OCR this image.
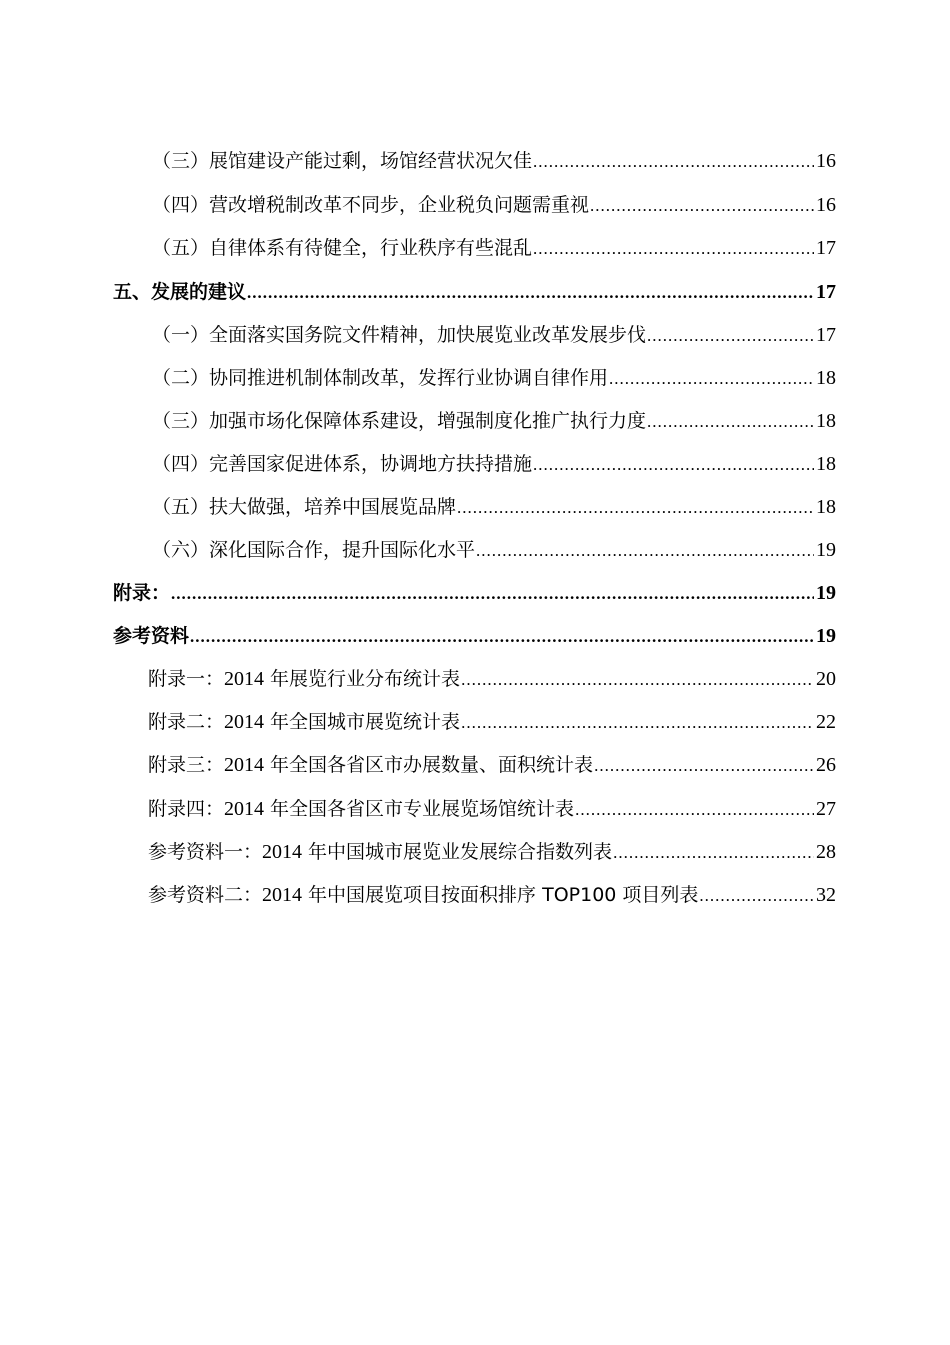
（三）展馆建设产能过剩，场馆经营状况欠佳 .....	16
（四）营改增税制改革不同步，企业税负问题需重视 .....	16
（五）自律体系有待健全，行业秩序有些混乱 .....	17
五、发展的建议 .....	17
（一）全面落实国务院文件精神，加快展览业改革发展步伐 .....	17
（二）协同推进机制体制改革，发挥行业协调自律作用 .....	18
（三）加强市场化保障体系建设，增强制度化推广执行力度 .....	18
（四）完善国家促进体系，协调地方扶持措施 .....	18
（五）扶大做强，培养中国展览品牌 .....	18
（六）深化国际合作，提升国际化水平 .....	19
附录： .....	19
参考资料 .....	19
附录一：2014 年展览行业分布统计表 .....	20
附录二：2014 年全国城市展览统计表 .....	22
附录三：2014 年全国各省区市办展数量、面积统计表 .....	26
附录四：2014 年全国各省区市专业展览场馆统计表 .....	27
参考资料一：2014 年中国城市展览业发展综合指数列表 .....	28
参考资料二：2014 年中国展览项目按面积排序 TOP100 项目列表 .....	32
